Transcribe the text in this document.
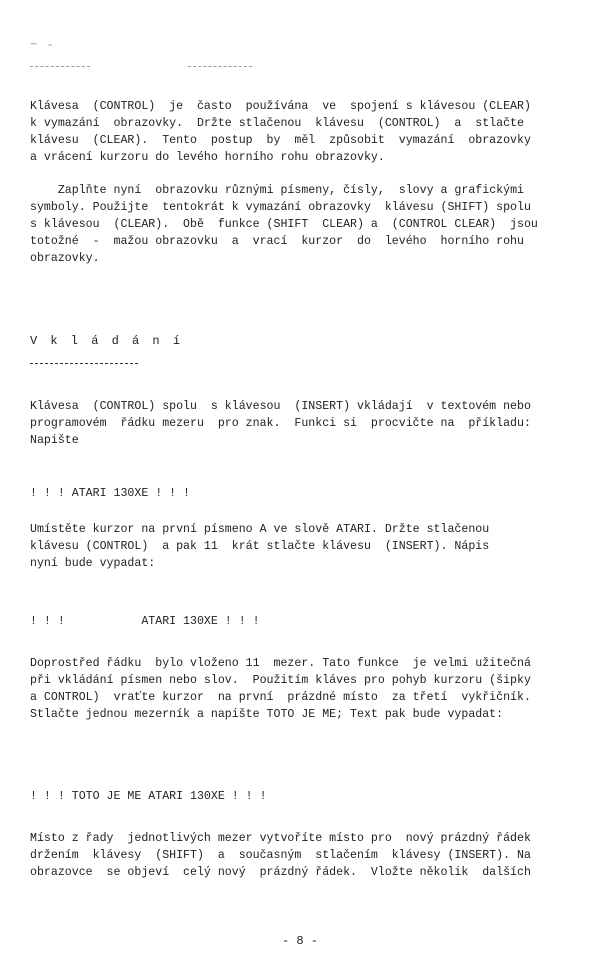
~ -
Klávesa  (CONTROL)  je  často  používána  ve  spojení s klávesou (CLEAR)
k vymazání  obrazovky.  Držte stlačenou  klávesu  (CONTROL)  a  stlačte
klávesu  (CLEAR).  Tento  postup  by  měl  způsobit  vymazání  obrazovky
a vrácení kurzoru do levého horního rohu obrazovky.
Zaplňte nyní  obrazovku různými písmeny, čísly,  slovy a grafickými
symboly. Použijte  tentokrát k vymazání obrazovky  klávesu (SHIFT) spolu
s klávesou  (CLEAR).  Obě  funkce (SHIFT  CLEAR) a  (CONTROL CLEAR)  jsou
totožné  -  mažou obrazovku  a  vrací  kurzor  do  levého  horního rohu
obrazovky.
V k l á d á n í
Klávesa  (CONTROL) spolu  s klávesou  (INSERT) vkládají  v textovém nebo
programovém  řádku mezeru  pro znak.  Funkci si  procvičte na  příkladu:
Napište
! ! ! ATARI 130XE ! ! !
Umístěte kurzor na první písmeno A ve slově ATARI. Držte stlačenou
klávesu (CONTROL)  a pak 11  krát stlačte klávesu  (INSERT). Nápis
nyní bude vypadat:
! ! !           ATARI 130XE ! ! !
Doprostřed řádku  bylo vloženo 11  mezer. Tato funkce  je velmi užitečná
při vkládání písmen nebo slov.  Použitím kláves pro pohyb kurzoru (šipky
a CONTROL)  vraťte kurzor  na první  prázdné místo  za třetí  vykřičník.
Stlačte jednou mezerník a napište TOTO JE ME; Text pak bude vypadat:
! ! ! TOTO JE ME ATARI 130XE ! ! !
Místo z řady  jednotlivých mezer vytvoříte místo pro  nový prázdný řádek
držením  klávesy  (SHIFT)  a  současným  stlačením  klávesy (INSERT). Na
obrazovce  se objeví  celý nový  prázdný řádek.  Vložte několik  dalších
- 8 -
